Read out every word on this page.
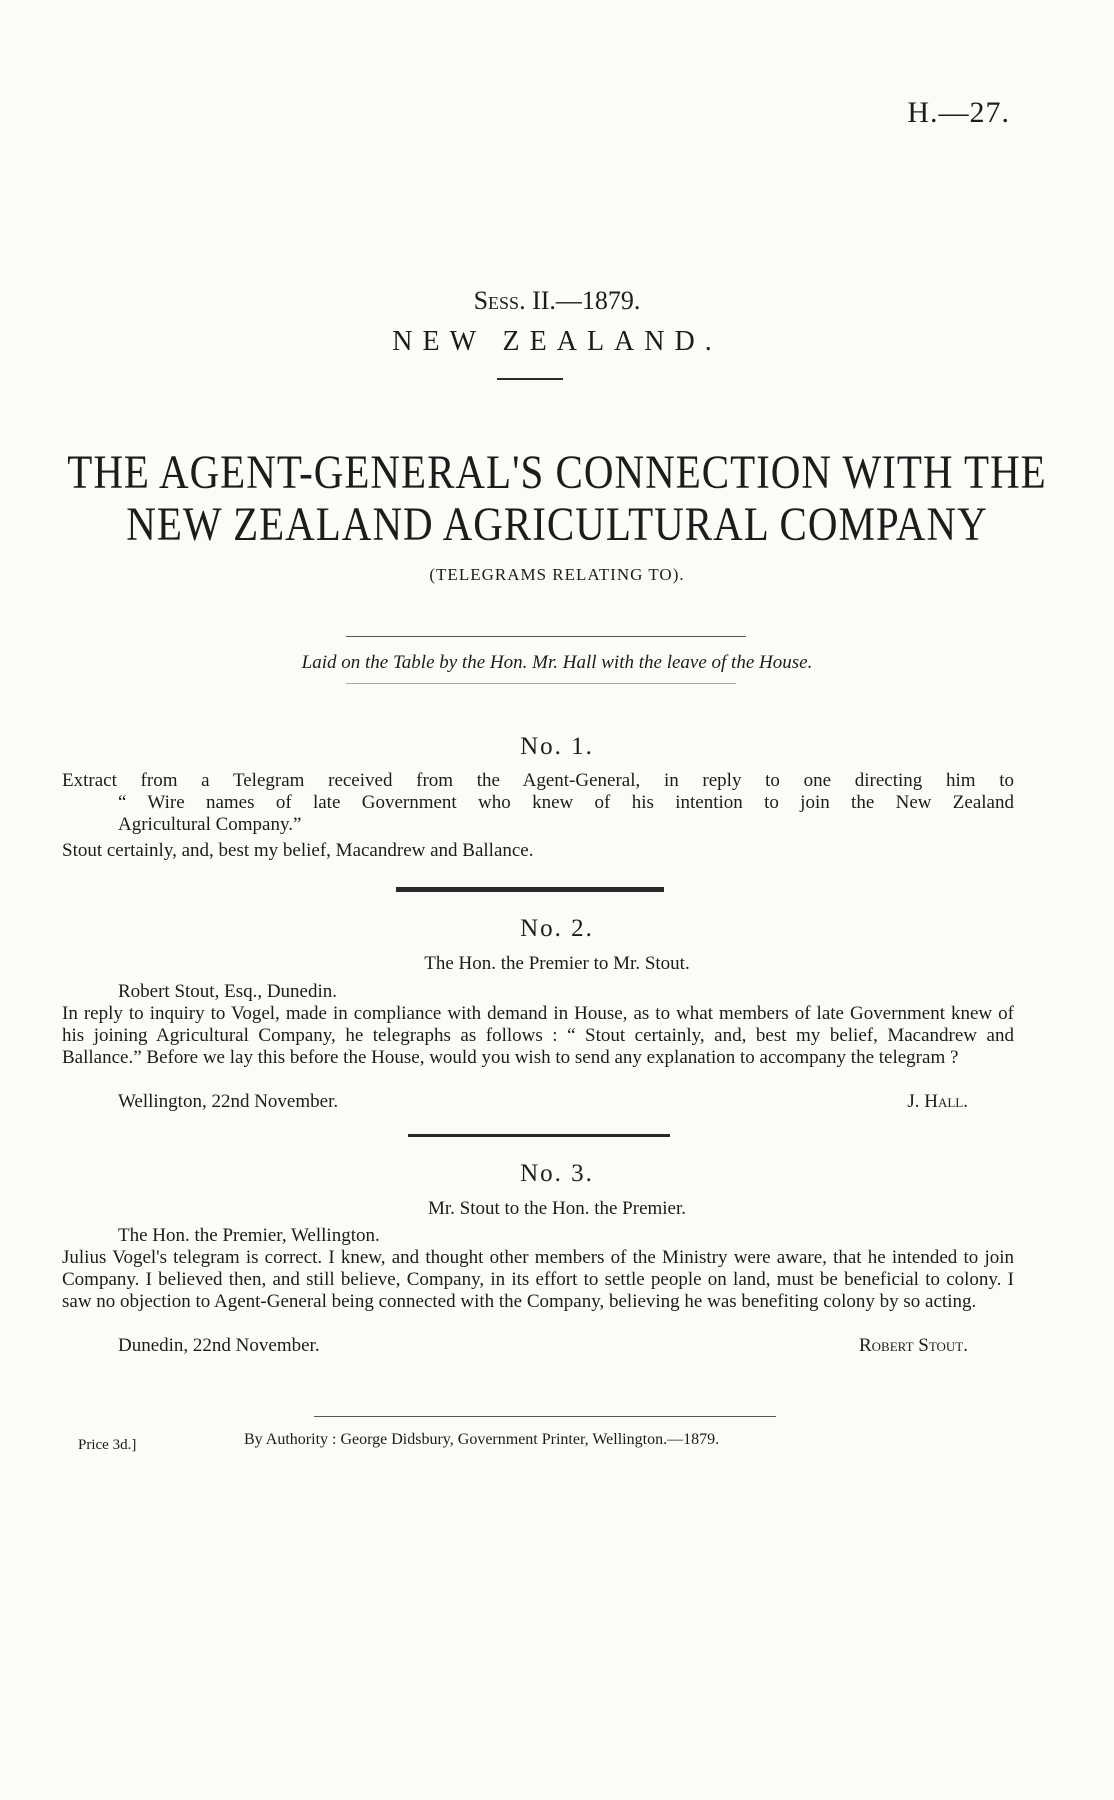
H.—27.
Sess. II.—1879.
NEW ZEALAND.
THE AGENT-GENERAL'S CONNECTION WITH THE
NEW ZEALAND AGRICULTURAL COMPANY
(TELEGRAMS RELATING TO).
Laid on the Table by the Hon. Mr. Hall with the leave of the House.
No. 1.
Extract from a Telegram received from the Agent-General, in reply to one directing him to
“ Wire names of late Government who knew of his intention to join the New Zealand
Agricultural Company.”
Stout certainly, and, best my belief, Macandrew and Ballance.
No. 2.
The Hon. the Premier to Mr. Stout.
Robert Stout, Esq., Dunedin.
In reply to inquiry to Vogel, made in compliance with demand in House, as to what members of late Government knew of his joining Agricultural Company, he telegraphs as follows : “ Stout certainly, and, best my belief, Macandrew and Ballance.” Before we lay this before the House, would you wish to send any explanation to accompany the telegram ?
Wellington, 22nd November.	J. Hall.
No. 3.
Mr. Stout to the Hon. the Premier.
The Hon. the Premier, Wellington.
Julius Vogel's telegram is correct. I knew, and thought other members of the Ministry were aware, that he intended to join Company. I believed then, and still believe, Company, in its effort to settle people on land, must be beneficial to colony. I saw no objection to Agent-General being connected with the Company, believing he was benefiting colony by so acting.
Dunedin, 22nd November.	Robert Stout.
By Authority : George Didsbury, Government Printer, Wellington.—1879.
Price 3d.]
